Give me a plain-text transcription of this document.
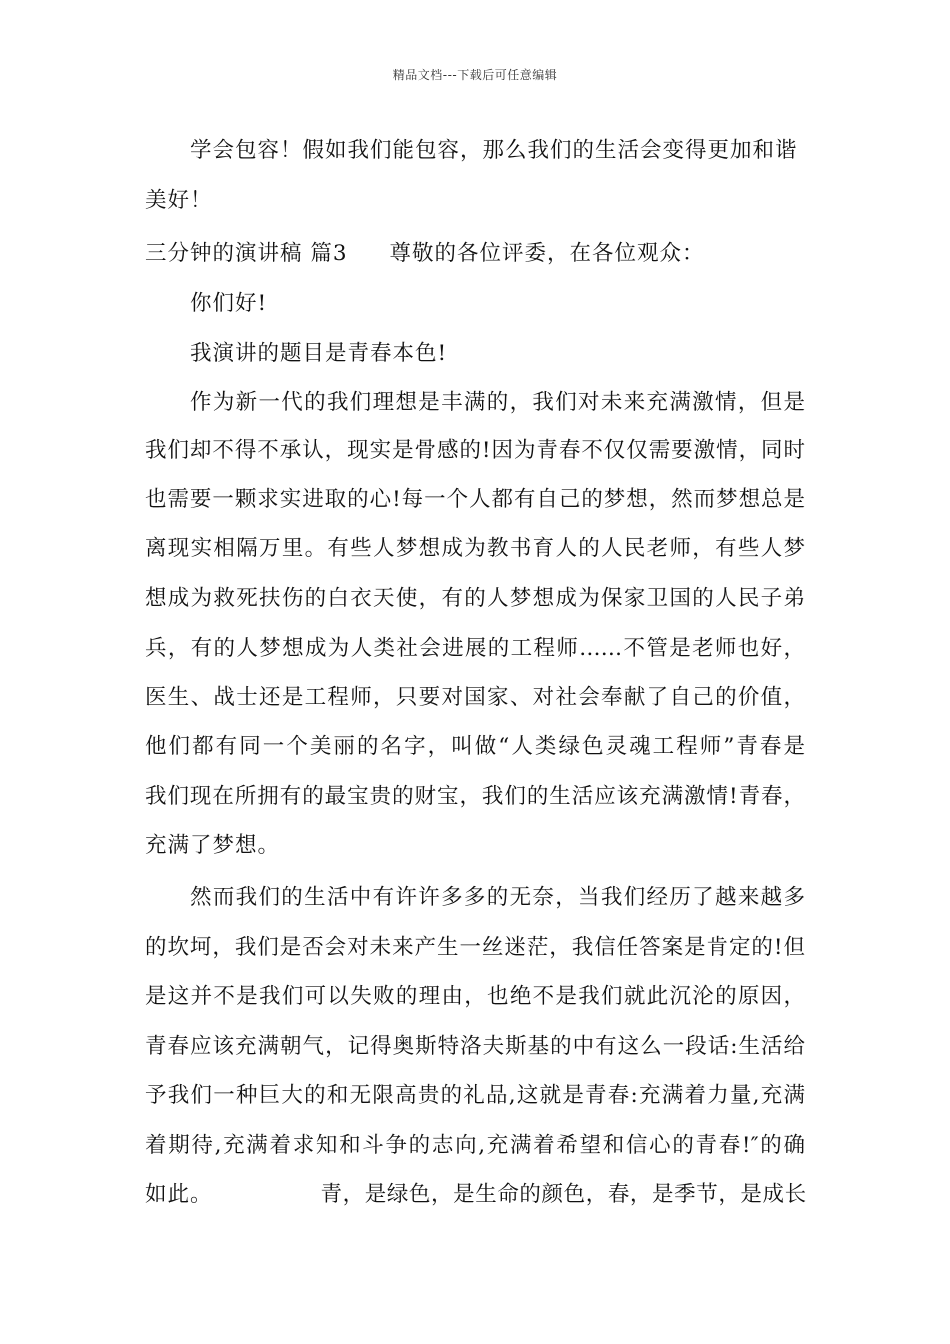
精品文档---下载后可任意编辑
学会包容！假如我们能包容，那么我们的生活会变得更加和谐
美好！
三分钟的演讲稿 篇3 尊敬的各位评委，在各位观众：
你们好!
我演讲的题目是青春本色!
作为新一代的我们理想是丰满的，我们对未来充满激情，但是
我们却不得不承认，现实是骨感的!因为青春不仅仅需要激情，同时
也需要一颗求实进取的心!每一个人都有自己的梦想，然而梦想总是
离现实相隔万里。有些人梦想成为教书育人的人民老师，有些人梦
想成为救死扶伤的白衣天使，有的人梦想成为保家卫国的人民子弟
兵，有的人梦想成为人类社会进展的工程师……不管是老师也好，
医生、战士还是工程师，只要对国家、对社会奉献了自己的价值，
他们都有同一个美丽的名字，叫做“人类绿色灵魂工程师”青春是
我们现在所拥有的最宝贵的财宝，我们的生活应该充满激情!青春，
充满了梦想。
然而我们的生活中有许许多多的无奈，当我们经历了越来越多
的坎坷，我们是否会对未来产生一丝迷茫，我信任答案是肯定的!但
是这并不是我们可以失败的理由，也绝不是我们就此沉沦的原因，
青春应该充满朝气，记得奥斯特洛夫斯基的中有这么一段话:生活给
予我们一种巨大的和无限高贵的礼品,这就是青春:充满着力量,充满
着期待,充满着求知和斗争的志向,充满着希望和信心的青春!″的确
如此。	青，是绿色，是生命的颜色，春，是季节，是成长
